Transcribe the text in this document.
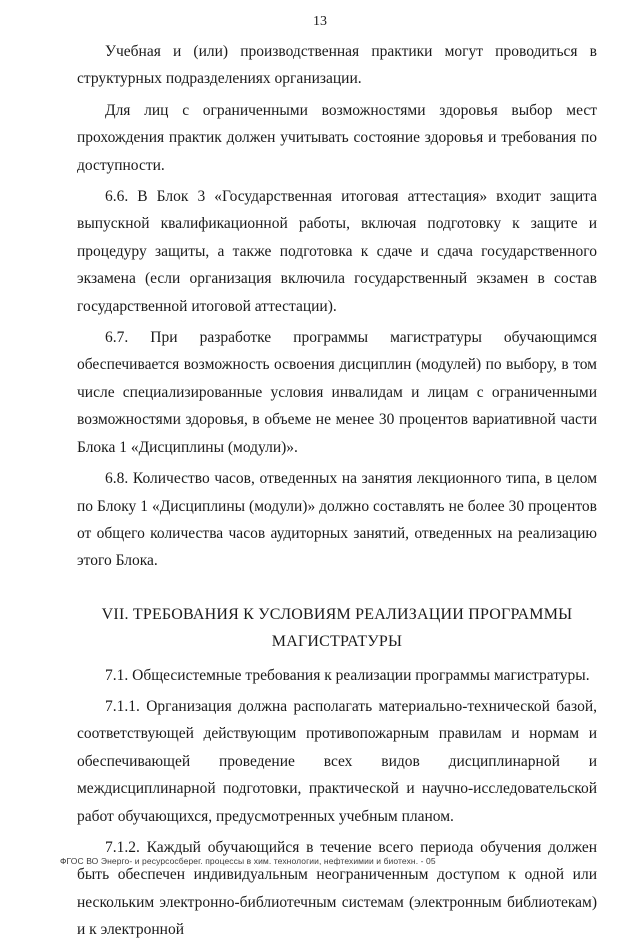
13

Учебная и (или) производственная практики могут проводиться в структурных подразделениях организации.

Для лиц с ограниченными возможностями здоровья выбор мест прохождения практик должен учитывать состояние здоровья и требования по доступности.

6.6. В Блок 3 «Государственная итоговая аттестация» входит защита выпускной квалификационной работы, включая подготовку к защите и процедуру защиты, а также подготовка к сдаче и сдача государственного экзамена (если организация включила государственный экзамен в состав государственной итоговой аттестации).

6.7. При разработке программы магистратуры обучающимся обеспечивается возможность освоения дисциплин (модулей) по выбору, в том числе специализированные условия инвалидам и лицам с ограниченными возможностями здоровья, в объеме не менее 30 процентов вариативной части Блока 1 «Дисциплины (модули)».

6.8. Количество часов, отведенных на занятия лекционного типа, в целом по Блоку 1 «Дисциплины (модули)» должно составлять не более 30 процентов от общего количества часов аудиторных занятий, отведенных на реализацию этого Блока.

VII. ТРЕБОВАНИЯ К УСЛОВИЯМ РЕАЛИЗАЦИИ ПРОГРАММЫ
МАГИСТРАТУРЫ

7.1. Общесистемные требования к реализации программы магистратуры.

7.1.1. Организация должна располагать материально-технической базой, соответствующей действующим противопожарным правилам и нормам и обеспечивающей проведение всех видов дисциплинарной и междисциплинарной подготовки, практической и научно-исследовательской работ обучающихся, предусмотренных учебным планом.

7.1.2. Каждый обучающийся в течение всего периода обучения должен быть обеспечен индивидуальным неограниченным доступом к одной или нескольким электронно-библиотечным системам (электронным библиотекам) и к электронной

ФГОС ВО Энерго- и ресурсосберег. процессы в хим. технологии, нефтехимии и биотехн. - 05
